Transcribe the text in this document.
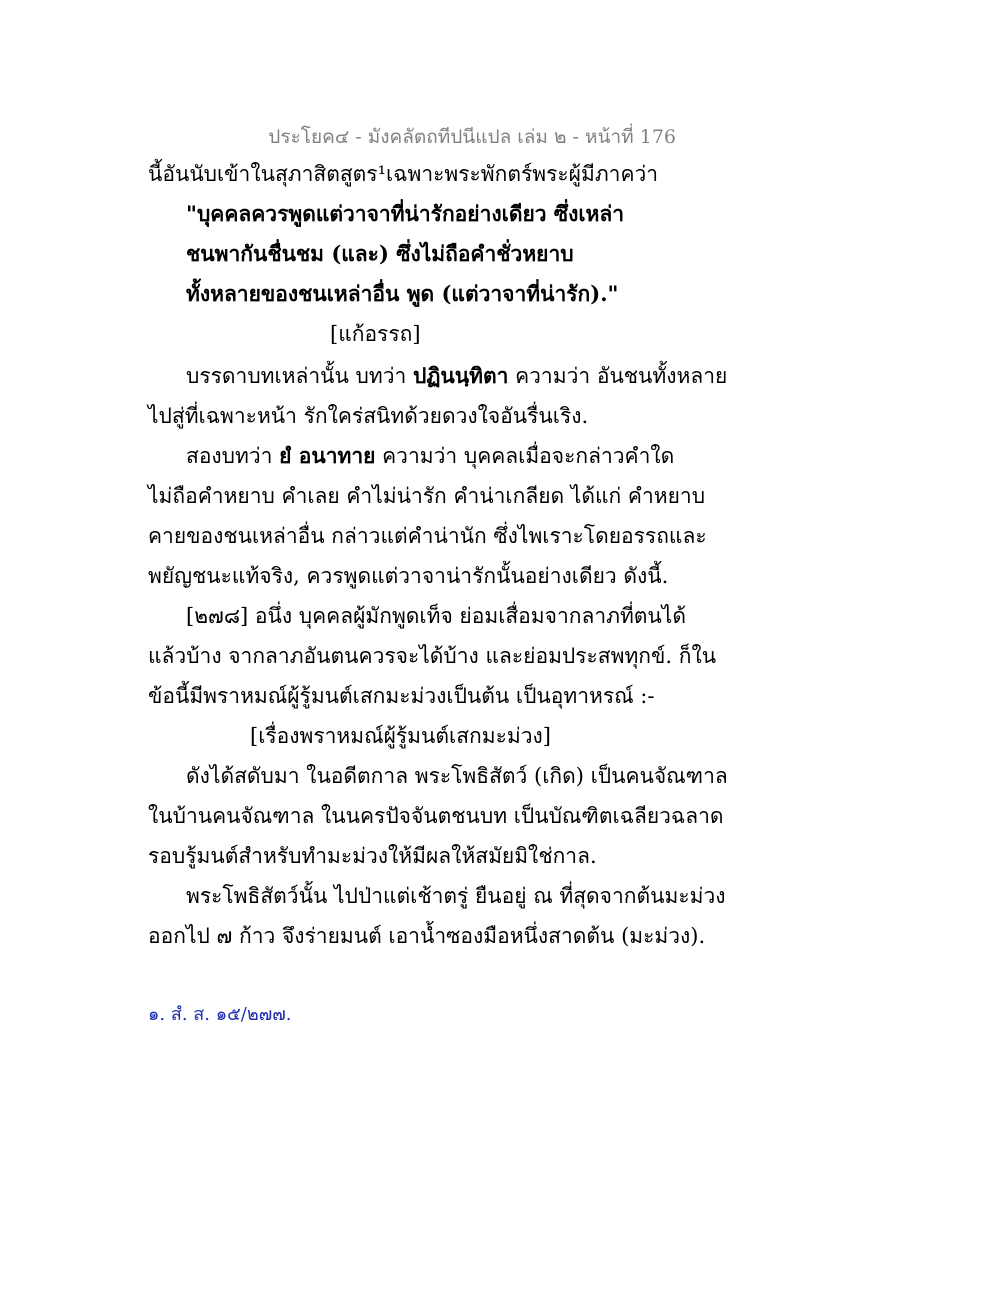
ประโยค๔ - มังคลัตถทีปนีแปล เล่ม ๒ - หน้าที่ 176
นี้อันนับเข้าในสุภาสิตสูตร¹เฉพาะพระพักตร์พระผู้มีภาคว่า
"บุคคลควรพูดแต่วาจาที่น่ารักอย่างเดียว ซึ่งเหล่า
ชนพากันชื่นชม (และ) ซึ่งไม่ถือคำชั่วหยาบ
ทั้งหลายของชนเหล่าอื่น พูด (แต่วาจาที่น่ารัก)."
[แก้อรรถ]
บรรดาบทเหล่านั้น บทว่า ปฏินนฺทิตา ความว่า อันชนทั้งหลาย
ไปสู่ที่เฉพาะหน้า รักใคร่สนิทด้วยดวงใจอันรื่นเริง.
สองบทว่า ยํ อนาทาย ความว่า บุคคลเมื่อจะกล่าวคำใด
ไม่ถือคำหยาบ คำเลย คำไม่น่ารัก คำน่าเกลียด ได้แก่ คำหยาบ
คายของชนเหล่าอื่น กล่าวแต่คำน่านัก ซึ่งไพเราะโดยอรรถและ
พยัญชนะแท้จริง, ควรพูดแต่วาจาน่ารักนั้นอย่างเดียว ดังนี้.
[๒๗๘] อนึ่ง บุคคลผู้มักพูดเท็จ ย่อมเสื่อมจากลาภที่ตนได้
แล้วบ้าง จากลาภอันตนควรจะได้บ้าง และย่อมประสพทุกข์. ก็ใน
ข้อนี้มีพราหมณ์ผู้รู้มนต์เสกมะม่วงเป็นต้น เป็นอุทาหรณ์ :-
[เรื่องพราหมณ์ผู้รู้มนต์เสกมะม่วง]
ดังได้สดับมา ในอดีตกาล พระโพธิสัตว์ (เกิด) เป็นคนจัณฑาล
ในบ้านคนจัณฑาล ในนครปัจจันตชนบท เป็นบัณฑิตเฉลียวฉลาด
รอบรู้มนต์สำหรับทำมะม่วงให้มีผลให้สมัยมิใช่กาล.
พระโพธิสัตว์นั้น ไปป่าแต่เช้าตรู่ ยืนอยู่ ณ ที่สุดจากต้นมะม่วง
ออกไป ๗ ก้าว จึงร่ายมนต์ เอาน้ำซองมือหนึ่งสาดต้น (มะม่วง).
๑. สํ. ส. ๑๕/๒๗๗.
